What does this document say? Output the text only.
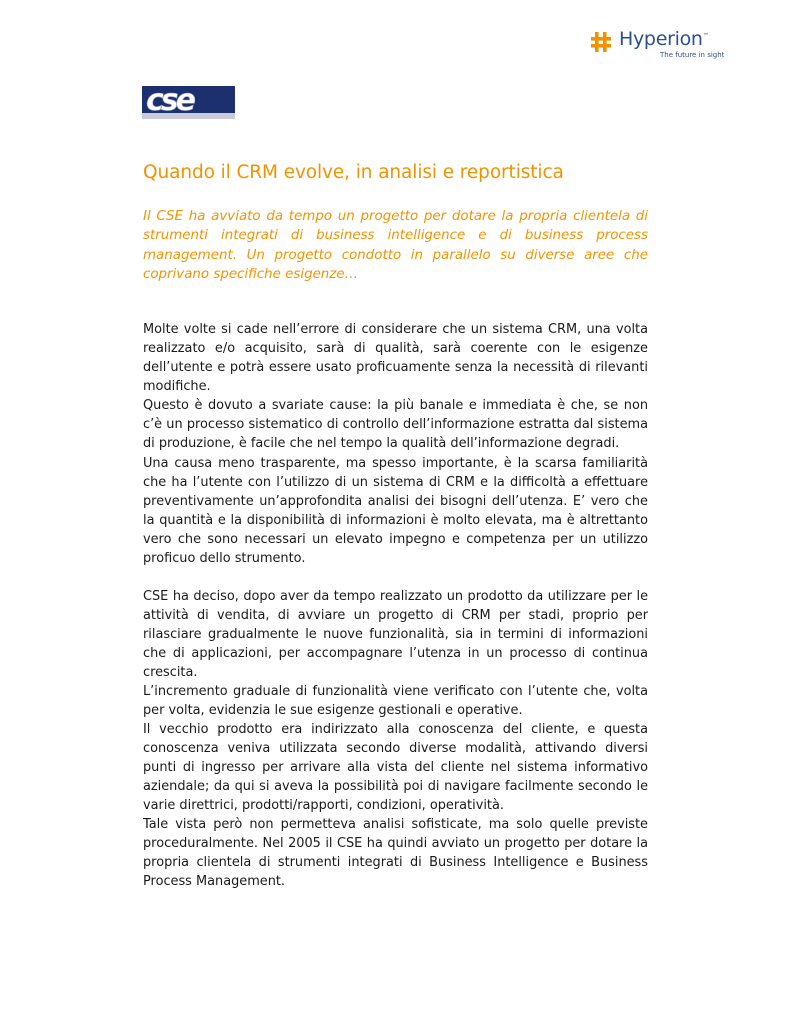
Hyperion™
The future in sight
cse
Quando il CRM evolve, in analisi e reportistica

Il CSE ha avviato da tempo un progetto per dotare la propria clientela di strumenti integrati di business intelligence e di business process management. Un progetto condotto in parallelo su diverse aree che coprivano specifiche esigenze…

Molte volte si cade nell’errore di considerare che un sistema CRM, una volta realizzato e/o acquisito, sarà di qualità, sarà coerente con le esigenze dell’utente e potrà essere usato proficuamente senza la necessità di rilevanti modifiche.
Questo è dovuto a svariate cause: la più banale e immediata è che, se non c’è un processo sistematico di controllo dell’informazione estratta dal sistema di produzione, è facile che nel tempo la qualità dell’informazione degradi.

Una causa meno trasparente, ma spesso importante, è la scarsa familiarità che ha l’utente con l’utilizzo di un sistema di CRM e la difficoltà a effettuare preventivamente un’approfondita analisi dei bisogni dell’utenza. E’ vero che la quantità e la disponibilità di informazioni è molto elevata, ma è altrettanto vero che sono necessari un elevato impegno e competenza per un utilizzo proficuo dello strumento.

CSE ha deciso, dopo aver da tempo realizzato un prodotto da utilizzare per le attività di vendita, di avviare un progetto di CRM per stadi, proprio per rilasciare gradualmente le nuove funzionalità, sia in termini di informazioni che di applicazioni, per accompagnare l’utenza in un processo di continua crescita.
L’incremento graduale di funzionalità viene verificato con l’utente che, volta per volta, evidenzia le sue esigenze gestionali e operative.

Il vecchio prodotto era indirizzato alla conoscenza del cliente, e questa conoscenza veniva utilizzata secondo diverse modalità, attivando diversi punti di ingresso per arrivare alla vista del cliente nel sistema informativo aziendale; da qui si aveva la possibilità poi di navigare facilmente secondo le varie direttrici, prodotti/rapporti, condizioni, operatività.
Tale vista però non permetteva analisi sofisticate, ma solo quelle previste proceduralmente. Nel 2005 il CSE ha quindi avviato un progetto per dotare la propria clientela di strumenti integrati di Business Intelligence e Business Process Management.
